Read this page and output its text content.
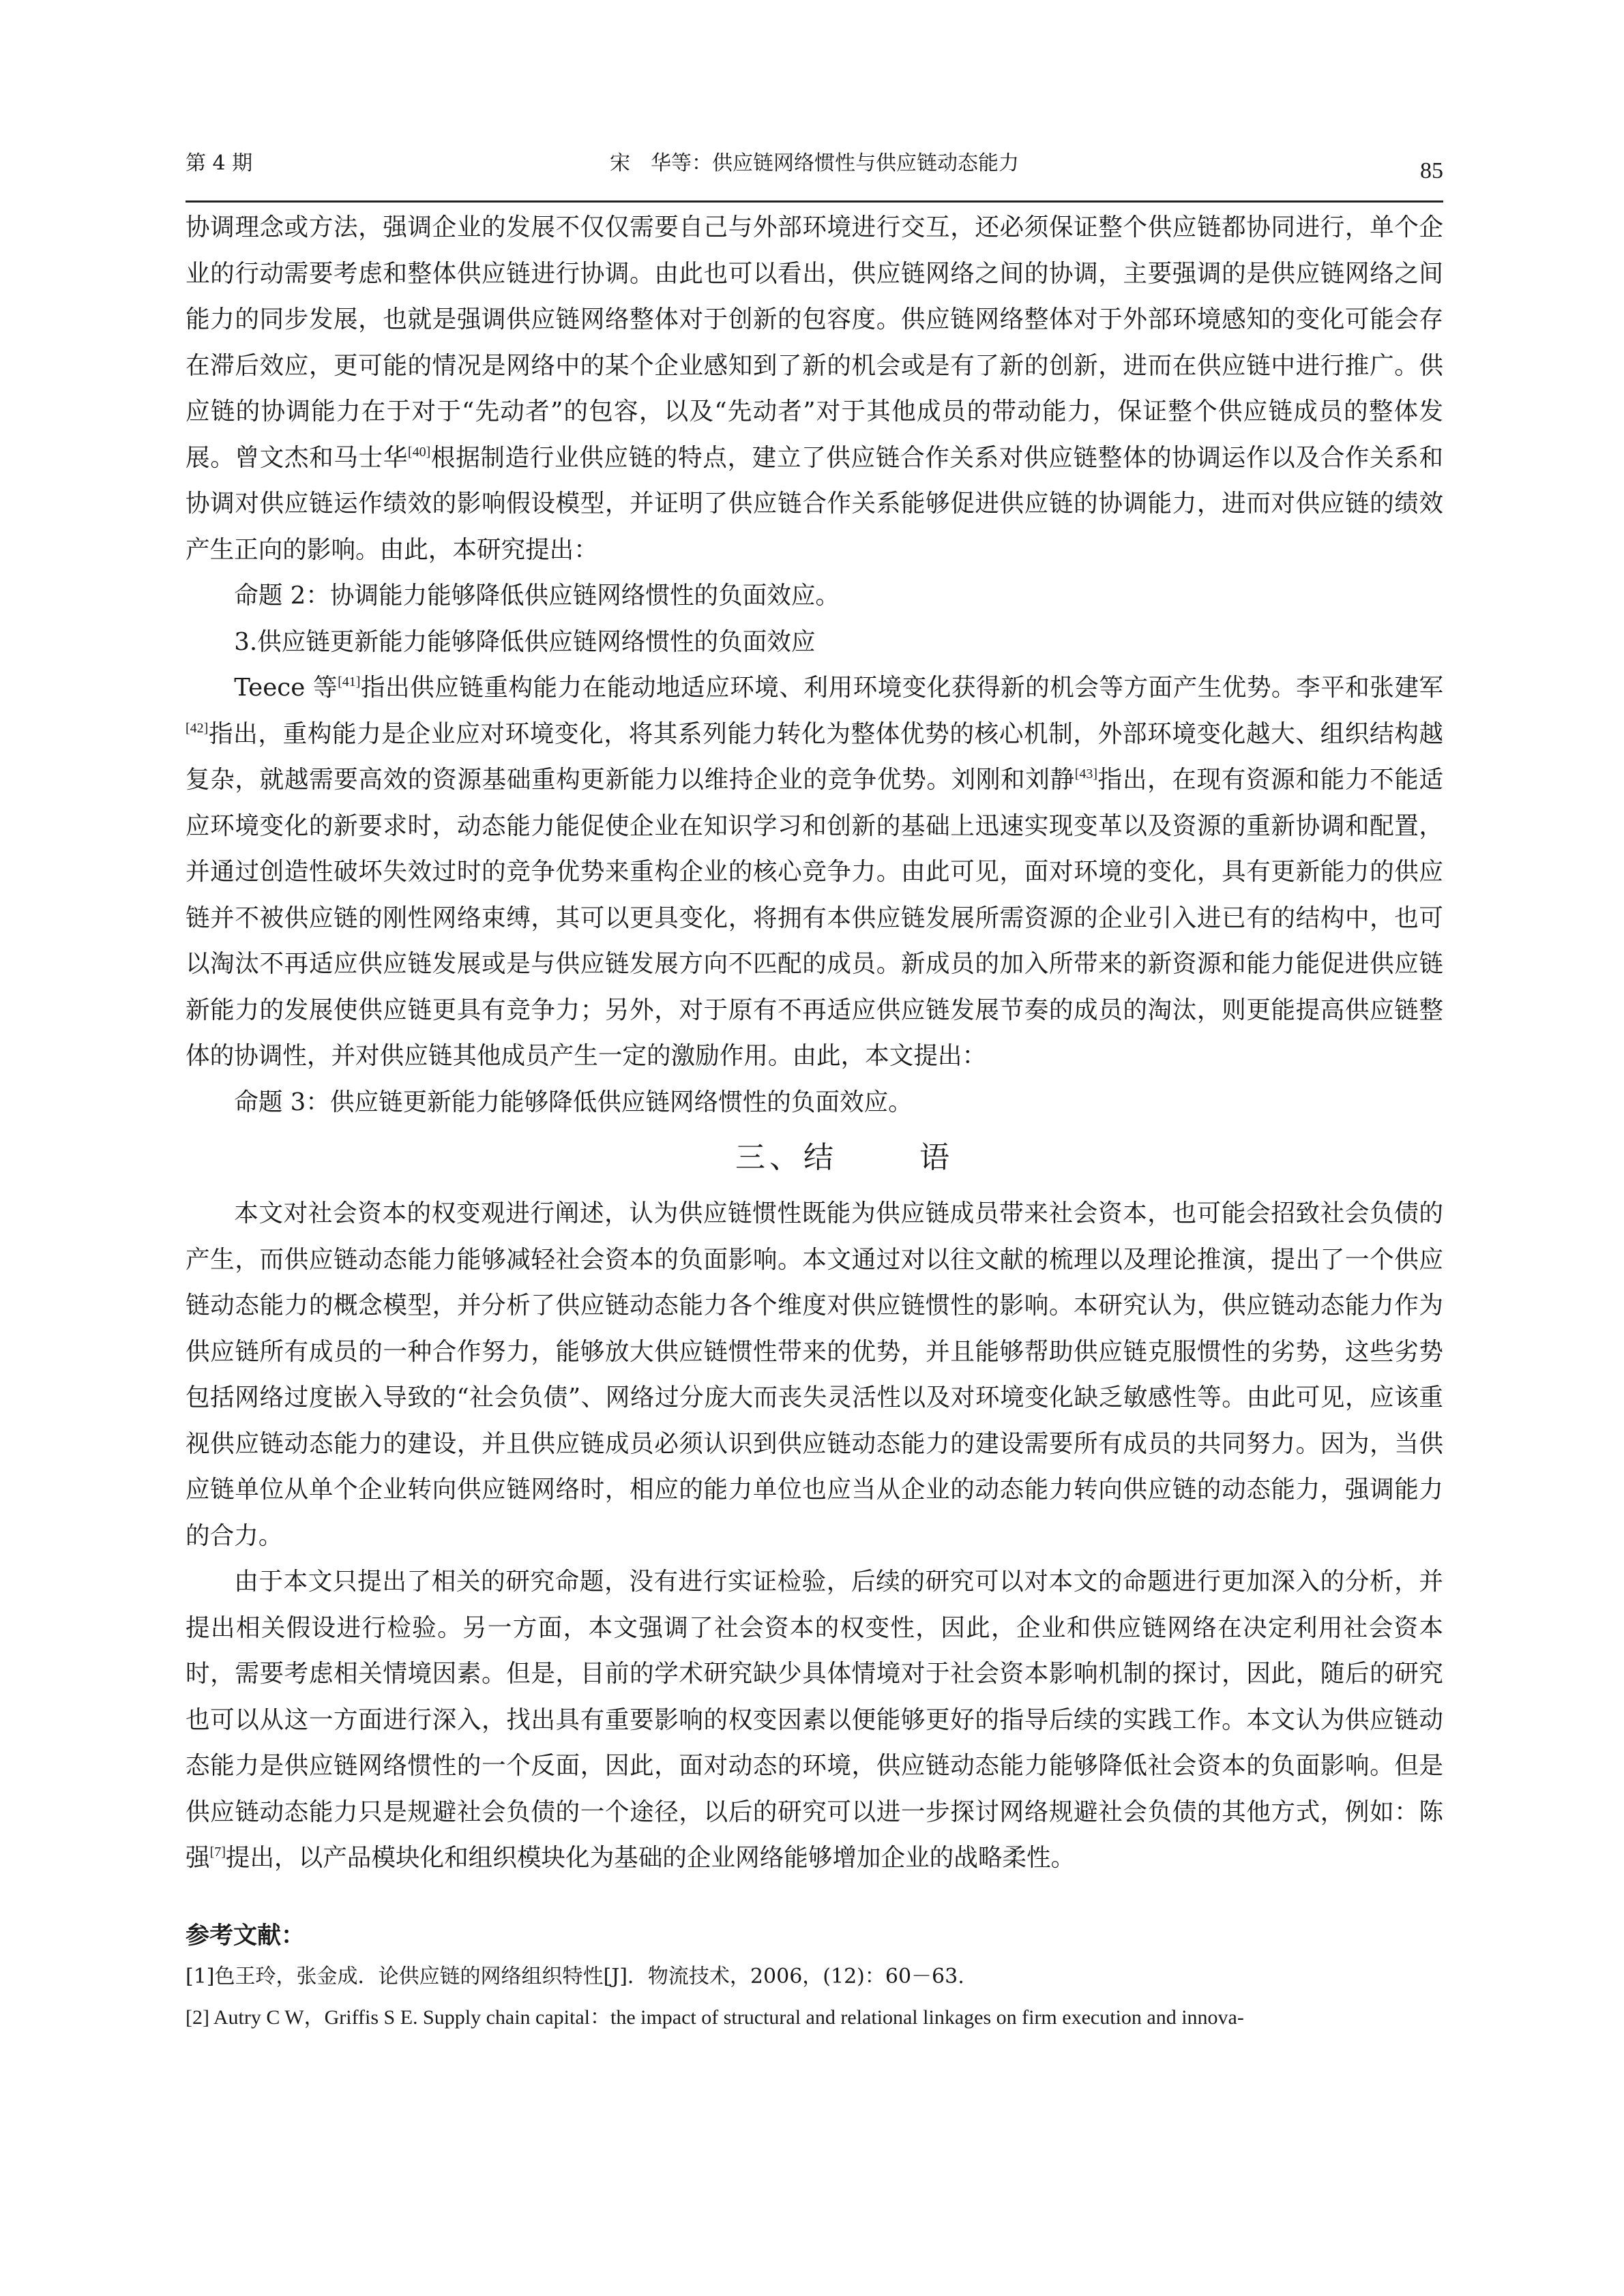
第 4 期	宋　华等：供应链网络惯性与供应链动态能力	85

协调理念或方法，强调企业的发展不仅仅需要自己与外部环境进行交互，还必须保证整个供应链都协同进行，单个企业的行动需要考虑和整体供应链进行协调。由此也可以看出，供应链网络之间的协调，主要强调的是供应链网络之间能力的同步发展，也就是强调供应链网络整体对于创新的包容度。供应链网络整体对于外部环境感知的变化可能会存在滞后效应，更可能的情况是网络中的某个企业感知到了新的机会或是有了新的创新，进而在供应链中进行推广。供应链的协调能力在于对于“先动者”的包容，以及“先动者”对于其他成员的带动能力，保证整个供应链成员的整体发展。曾文杰和马士华[40]根据制造行业供应链的特点，建立了供应链合作关系对供应链整体的协调运作以及合作关系和协调对供应链运作绩效的影响假设模型，并证明了供应链合作关系能够促进供应链的协调能力，进而对供应链的绩效产生正向的影响。由此，本研究提出：

命题 2：协调能力能够降低供应链网络惯性的负面效应。

3.供应链更新能力能够降低供应链网络惯性的负面效应

Teece 等[41]指出供应链重构能力在能动地适应环境、利用环境变化获得新的机会等方面产生优势。李平和张建军[42]指出，重构能力是企业应对环境变化，将其系列能力转化为整体优势的核心机制，外部环境变化越大、组织结构越复杂，就越需要高效的资源基础重构更新能力以维持企业的竞争优势。刘刚和刘静[43]指出，在现有资源和能力不能适应环境变化的新要求时，动态能力能促使企业在知识学习和创新的基础上迅速实现变革以及资源的重新协调和配置，并通过创造性破坏失效过时的竞争优势来重构企业的核心竞争力。由此可见，面对环境的变化，具有更新能力的供应链并不被供应链的刚性网络束缚，其可以更具变化，将拥有本供应链发展所需资源的企业引入进已有的结构中，也可以淘汰不再适应供应链发展或是与供应链发展方向不匹配的成员。新成员的加入所带来的新资源和能力能促进供应链新能力的发展使供应链更具有竞争力；另外，对于原有不再适应供应链发展节奏的成员的淘汰，则更能提高供应链整体的协调性，并对供应链其他成员产生一定的激励作用。由此，本文提出：

命题 3：供应链更新能力能够降低供应链网络惯性的负面效应。

三、结	语

本文对社会资本的权变观进行阐述，认为供应链惯性既能为供应链成员带来社会资本，也可能会招致社会负债的产生，而供应链动态能力能够减轻社会资本的负面影响。本文通过对以往文献的梳理以及理论推演，提出了一个供应链动态能力的概念模型，并分析了供应链动态能力各个维度对供应链惯性的影响。本研究认为，供应链动态能力作为供应链所有成员的一种合作努力，能够放大供应链惯性带来的优势，并且能够帮助供应链克服惯性的劣势，这些劣势包括网络过度嵌入导致的“社会负债”、网络过分庞大而丧失灵活性以及对环境变化缺乏敏感性等。由此可见，应该重视供应链动态能力的建设，并且供应链成员必须认识到供应链动态能力的建设需要所有成员的共同努力。因为，当供应链单位从单个企业转向供应链网络时，相应的能力单位也应当从企业的动态能力转向供应链的动态能力，强调能力的合力。

由于本文只提出了相关的研究命题，没有进行实证检验，后续的研究可以对本文的命题进行更加深入的分析，并提出相关假设进行检验。另一方面，本文强调了社会资本的权变性，因此，企业和供应链网络在决定利用社会资本时，需要考虑相关情境因素。但是，目前的学术研究缺少具体情境对于社会资本影响机制的探讨，因此，随后的研究也可以从这一方面进行深入，找出具有重要影响的权变因素以便能够更好的指导后续的实践工作。本文认为供应链动态能力是供应链网络惯性的一个反面，因此，面对动态的环境，供应链动态能力能够降低社会资本的负面影响。但是供应链动态能力只是规避社会负债的一个途径，以后的研究可以进一步探讨网络规避社会负债的其他方式，例如：陈强[7]提出，以产品模块化和组织模块化为基础的企业网络能够增加企业的战略柔性。

参考文献：

[1]色王玲，张金成．论供应链的网络组织特性[J]．物流技术，2006，(12)：60－63.

[2] Autry C W，Griffis S E. Supply chain capital：the impact of structural and relational linkages on firm execution and innova-
